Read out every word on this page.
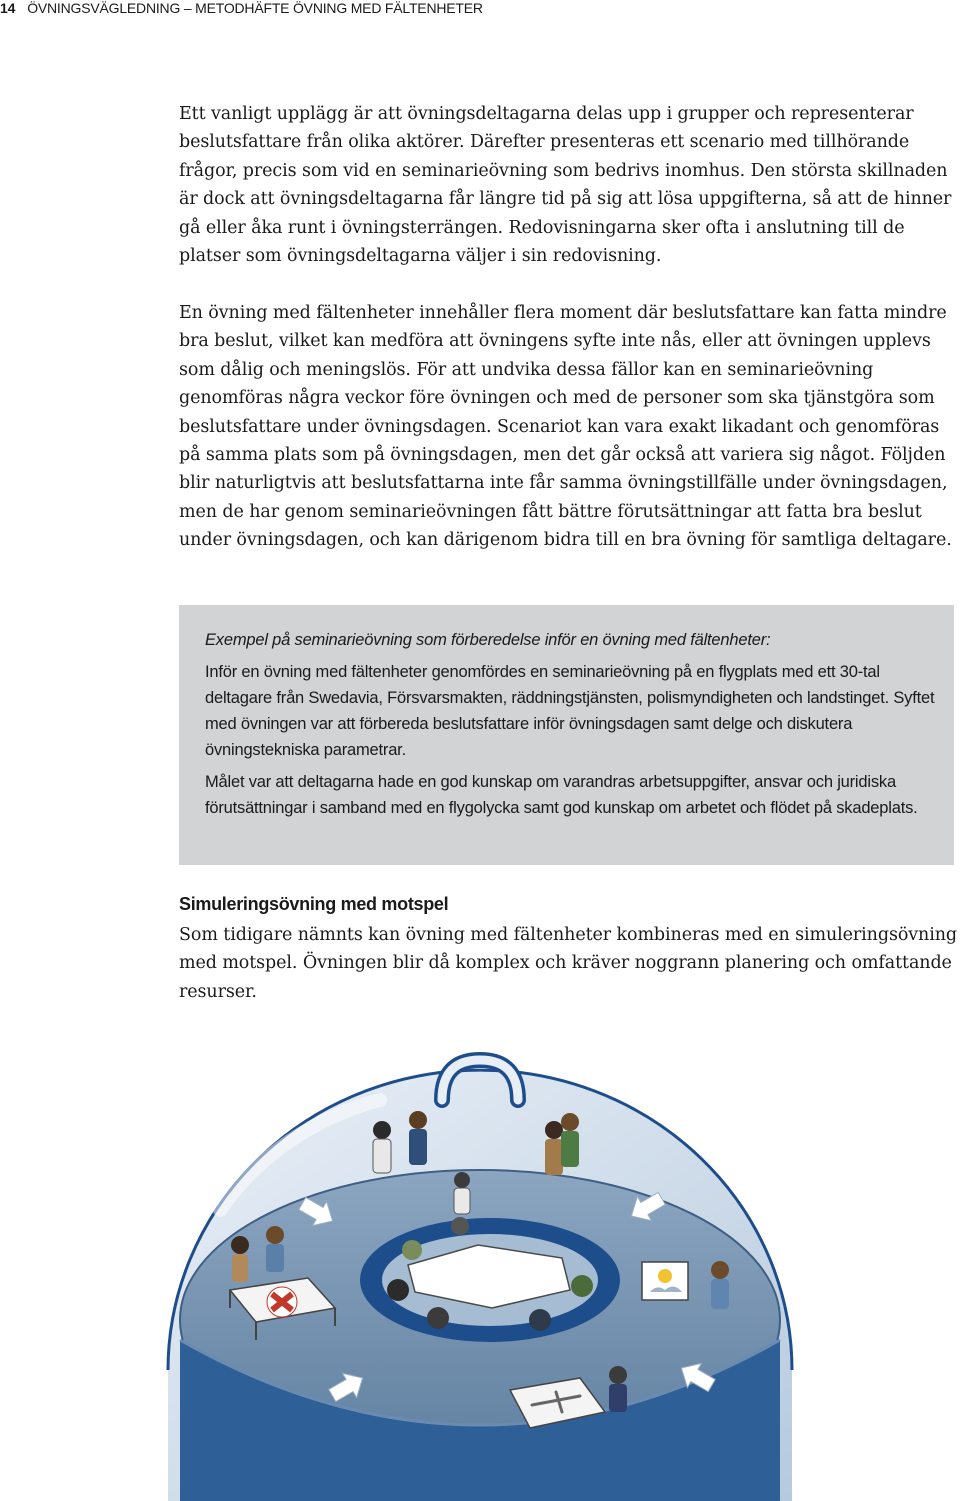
14 ÖVNINGSVÄGLEDNING – METODHÄFTE ÖVNING MED FÄLTENHETER

Ett vanligt upplägg är att övningsdeltagarna delas upp i grupper och representerar beslutsfattare från olika aktörer. Därefter presenteras ett scenario med tillhörande frågor, precis som vid en seminarieövning som bedrivs inomhus. Den största skillnaden är dock att övningsdeltagarna får längre tid på sig att lösa uppgifterna, så att de hinner gå eller åka runt i övningsterrängen. Redovisningarna sker ofta i anslutning till de platser som övningsdeltagarna väljer i sin redovisning.

En övning med fältenheter innehåller flera moment där beslutsfattare kan fatta mindre bra beslut, vilket kan medföra att övningens syfte inte nås, eller att övningen upplevs som dålig och meningslös. För att undvika dessa fällor kan en seminarieövning genomföras några veckor före övningen och med de personer som ska tjänstgöra som beslutsfattare under övningsdagen. Scenariot kan vara exakt likadant och genomföras på samma plats som på övningsdagen, men det går också att variera sig något. Följden blir naturligtvis att beslutsfattarna inte får samma övningstillfälle under övningsdagen, men de har genom seminarieövningen fått bättre förutsättningar att fatta bra beslut under övningsdagen, och kan därigenom bidra till en bra övning för samtliga deltagare.

Exempel på seminarieövning som förberedelse inför en övning med fältenheter:

Inför en övning med fältenheter genomfördes en seminarieövning på en flygplats med ett 30-tal deltagare från Swedavia, Försvarsmakten, räddningstjänsten, polismyndigheten och landstinget. Syftet med övningen var att förbereda beslutsfattare inför övningsdagen samt delge och diskutera övningstekniska parametrar.

Målet var att deltagarna hade en god kunskap om varandras arbetsuppgifter, ansvar och juridiska förutsättningar i samband med en flygolycka samt god kunskap om arbetet och flödet på skadeplats.

Simuleringsövning med motspel

Som tidigare nämnts kan övning med fältenheter kombineras med en simuleringsövning med motspel. Övningen blir då komplex och kräver noggrann planering och omfattande resurser.
